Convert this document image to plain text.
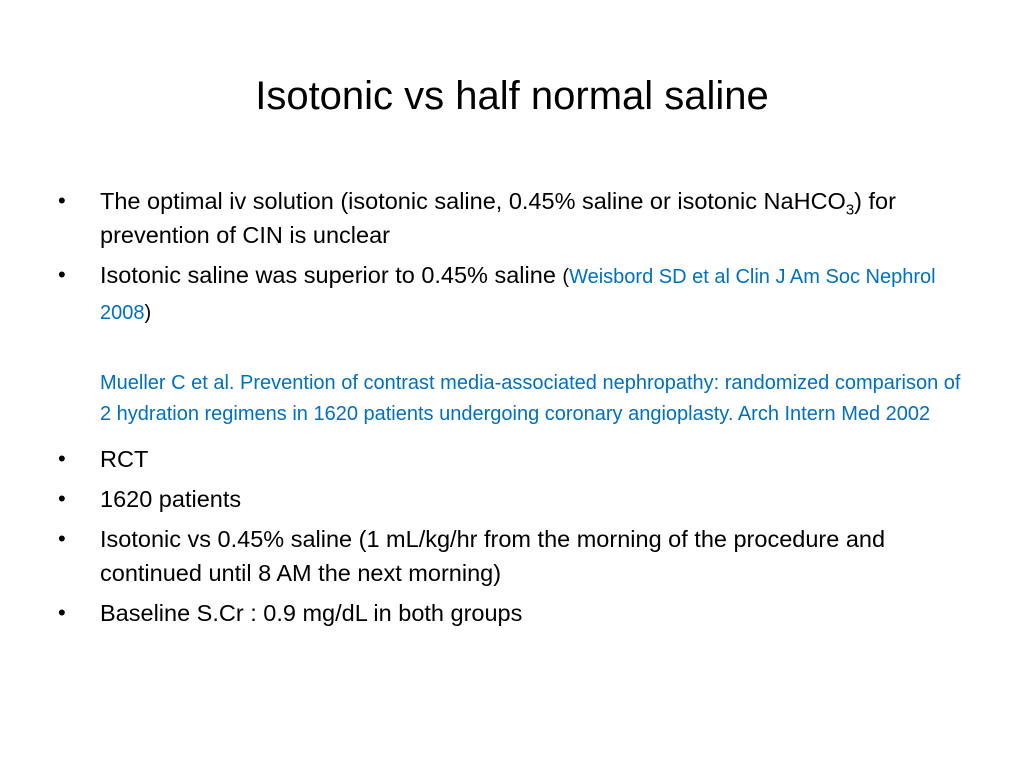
Isotonic vs half normal saline
• The optimal iv solution (isotonic saline, 0.45% saline or isotonic NaHCO$_3$) for prevention of CIN is unclear
• Isotonic saline was superior to 0.45% saline (Weisbord SD et al Clin J Am Soc Nephrol 2008)
Mueller C et al. Prevention of contrast media-associated nephropathy: randomized comparison of 2 hydration regimens in 1620 patients undergoing coronary angioplasty. Arch Intern Med 2002
• RCT
• 1620 patients
• Isotonic vs 0.45% saline (1 mL/kg/hr from the morning of the procedure and continued until 8 AM the next morning)
• Baseline S.Cr : 0.9 mg/dL in both groups
